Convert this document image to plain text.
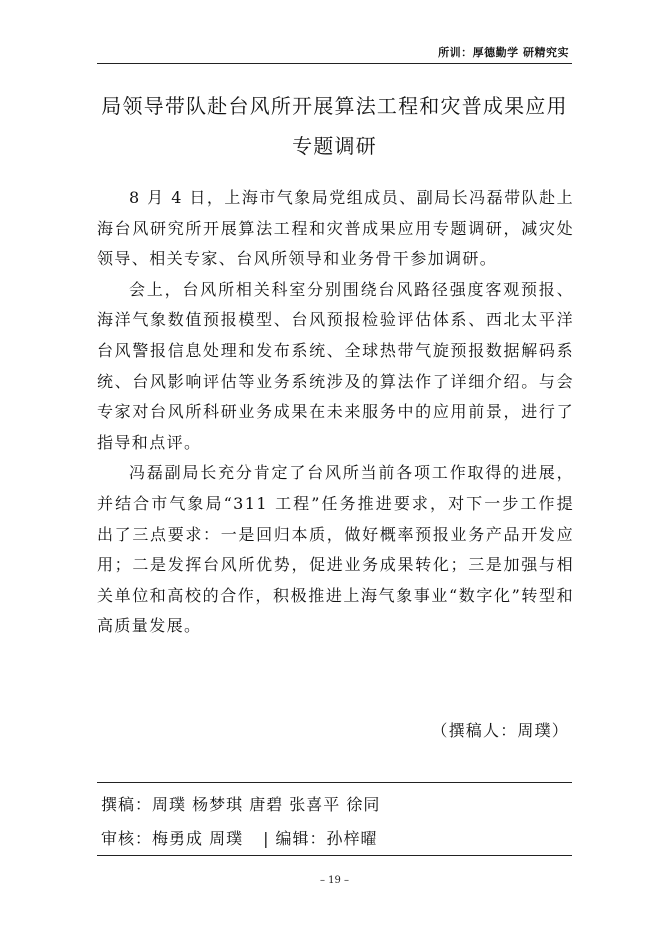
所训：厚德勤学 研精究实
局领导带队赴台风所开展算法工程和灾普成果应用
专题调研

8 月 4 日，上海市气象局党组成员、副局长冯磊带队赴上海台风研究所开展算法工程和灾普成果应用专题调研，减灾处领导、相关专家、台风所领导和业务骨干参加调研。

会上，台风所相关科室分别围绕台风路径强度客观预报、海洋气象数值预报模型、台风预报检验评估体系、西北太平洋台风警报信息处理和发布系统、全球热带气旋预报数据解码系统、台风影响评估等业务系统涉及的算法作了详细介绍。与会专家对台风所科研业务成果在未来服务中的应用前景，进行了指导和点评。

冯磊副局长充分肯定了台风所当前各项工作取得的进展，并结合市气象局“311 工程”任务推进要求，对下一步工作提出了三点要求：一是回归本质，做好概率预报业务产品开发应用；二是发挥台风所优势，促进业务成果转化；三是加强与相关单位和高校的合作，积极推进上海气象事业“数字化”转型和高质量发展。

（撰稿人：周璞）
撰稿：周璞 杨梦琪 唐碧 张喜平 徐同
审核：梅勇成 周璞 | 编辑：孙梓曜
– 19 –
